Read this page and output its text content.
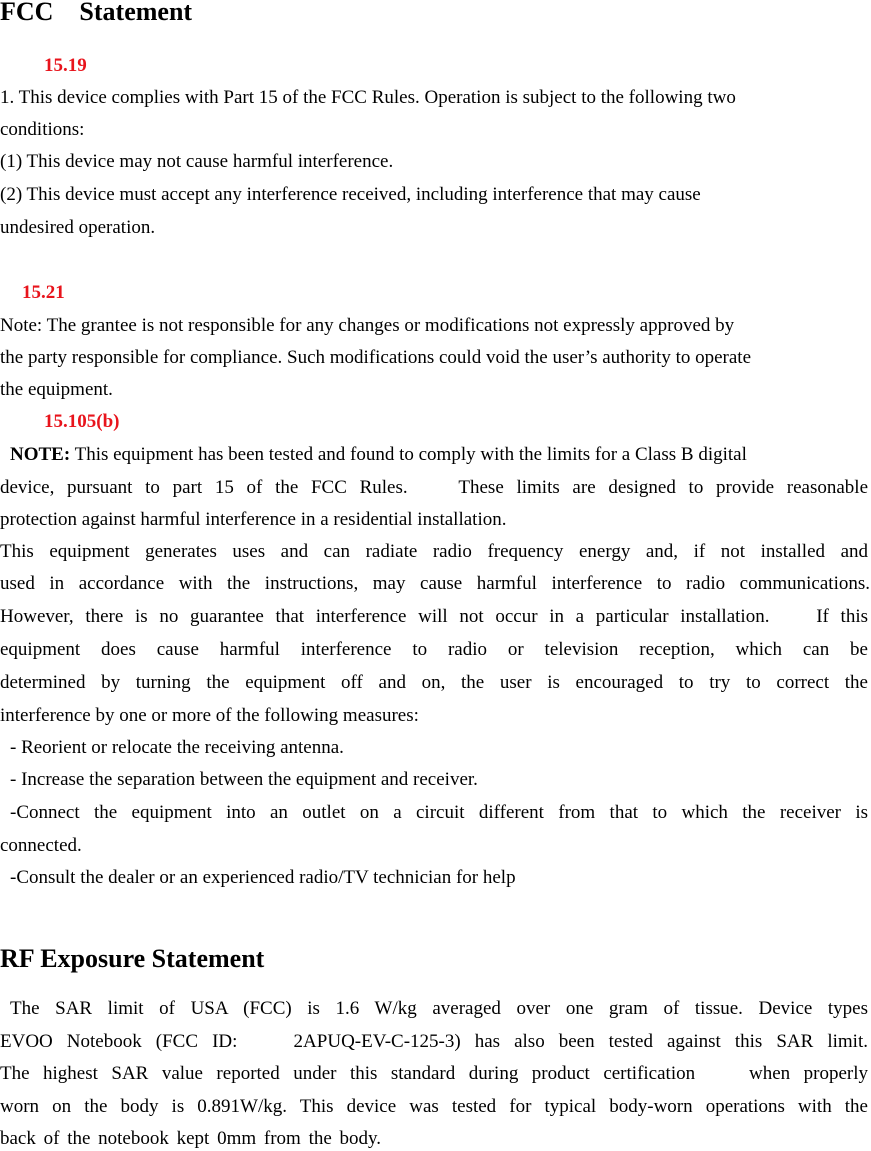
FCC    Statement
15.19
1. This device complies with Part 15 of the FCC Rules. Operation is subject to the following two
conditions:
(1) This device may not cause harmful interference.
(2) This device must accept any interference received, including interference that may cause
undesired operation.
15.21
Note: The grantee is not responsible for any changes or modifications not expressly approved by
the party responsible for compliance. Such modifications could void the user’s authority to operate
the equipment.
15.105(b)
NOTE: This equipment has been tested and found to comply with the limits for a Class B digital
device, pursuant to part 15 of the FCC Rules.    These limits are designed to provide reasonable
protection against harmful interference in a residential installation.
This equipment generates uses and can radiate radio frequency energy and, if not installed and
used in accordance with the instructions, may cause harmful interference to radio communications.
However, there is no guarantee that interference will not occur in a particular installation.    If this
equipment does cause harmful interference to radio or television reception, which can be
determined by turning the equipment off and on, the user is encouraged to try to correct the
interference by one or more of the following measures:
- Reorient or relocate the receiving antenna.
- Increase the separation between the equipment and receiver.
-Connect the equipment into an outlet on a circuit different from that to which the receiver is
connected.
-Consult the dealer or an experienced radio/TV technician for help
RF Exposure Statement
The SAR limit of USA (FCC) is 1.6 W/kg averaged over one gram of tissue. Device types
EVOO Notebook (FCC ID:    2APUQ-EV-C-125-3) has also been tested against this SAR limit.
The highest SAR value reported under this standard during product certification    when properly
worn on the body is 0.891W/kg. This device was tested for typical body-worn operations with the
back of the notebook kept 0mm from the body.
